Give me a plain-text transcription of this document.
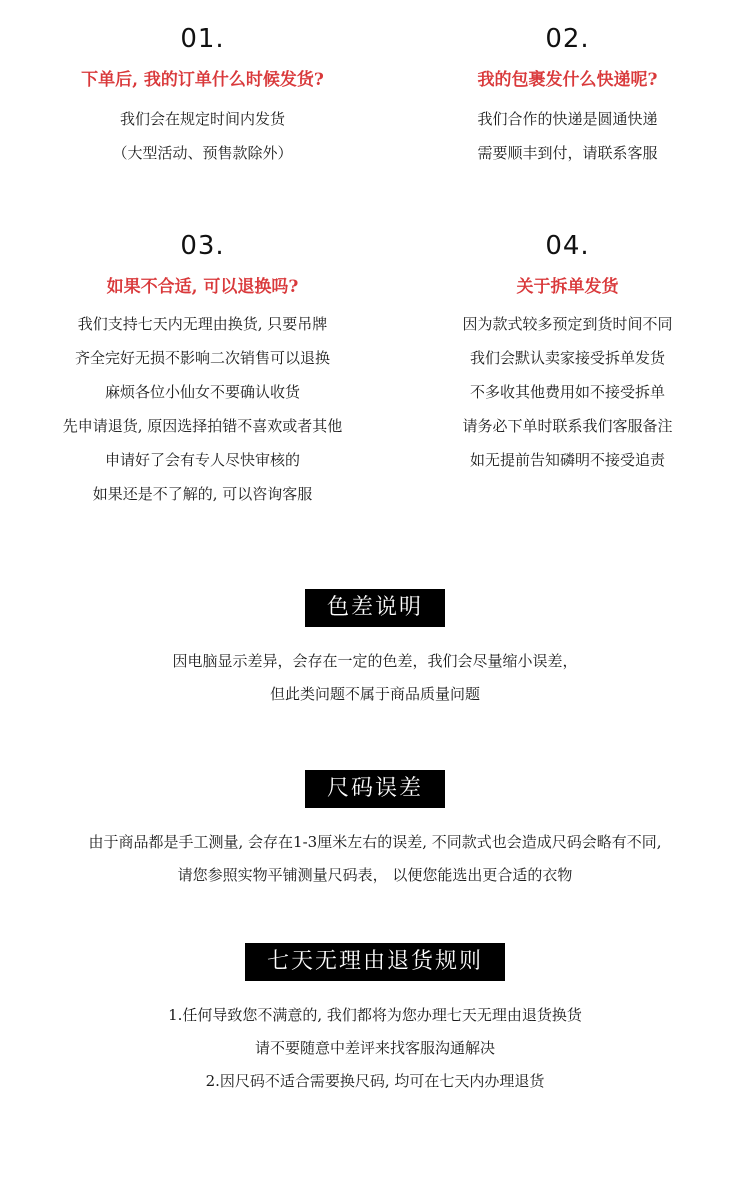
01.
下单后, 我的订单什么时候发货?
我们会在规定时间内发货
（大型活动、预售款除外）
02.
我的包裹发什么快递呢?
我们合作的快递是圆通快递
需要顺丰到付，请联系客服
03.
如果不合适, 可以退换吗?
我们支持七天内无理由换货, 只要吊牌
齐全完好无损不影响二次销售可以退换
麻烦各位小仙女不要确认收货
先申请退货, 原因选择拍错不喜欢或者其他
申请好了会有专人尽快审核的
如果还是不了解的, 可以咨询客服
04.
关于拆单发货
因为款式较多预定到货时间不同
我们会默认卖家接受拆单发货
不多收其他费用如不接受拆单
请务必下单时联系我们客服备注
如无提前告知磷明不接受追责
色差说明
因电脑显示差异，会存在一定的色差，我们会尽量缩小误差，
但此类问题不属于商品质量问题
尺码误差
由于商品都是手工测量, 会存在1-3厘米左右的误差, 不同款式也会造成尺码会略有不同,
请您参照实物平铺测量尺码表， 以便您能选出更合适的衣物
七天无理由退货规则
1.任何导致您不满意的, 我们都将为您办理七天无理由退货换货
请不要随意中差评来找客服沟通解决
2.因尺码不适合需要换尺码, 均可在七天内办理退货
